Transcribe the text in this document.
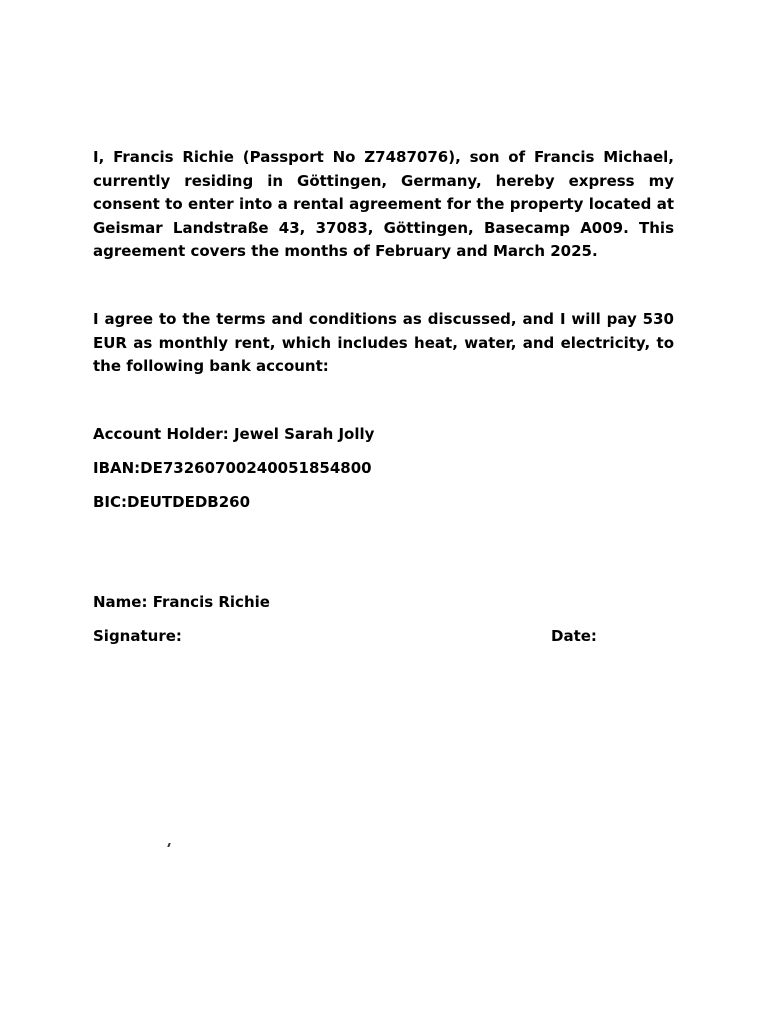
I, Francis Richie (Passport No Z7487076), son of Francis Michael, currently residing in Göttingen, Germany, hereby express my consent to enter into a rental agreement for the property located at Geismar Landstraße 43, 37083, Göttingen, Basecamp A009. This agreement covers the months of February and March 2025.

I agree to the terms and conditions as discussed, and I will pay 530 EUR as monthly rent, which includes heat, water, and electricity, to the following bank account:

Account Holder: Jewel Sarah Jolly

IBAN:DE73260700240051854800

BIC:DEUTDEDB260

Name: Francis Richie

Signature:	Date:
